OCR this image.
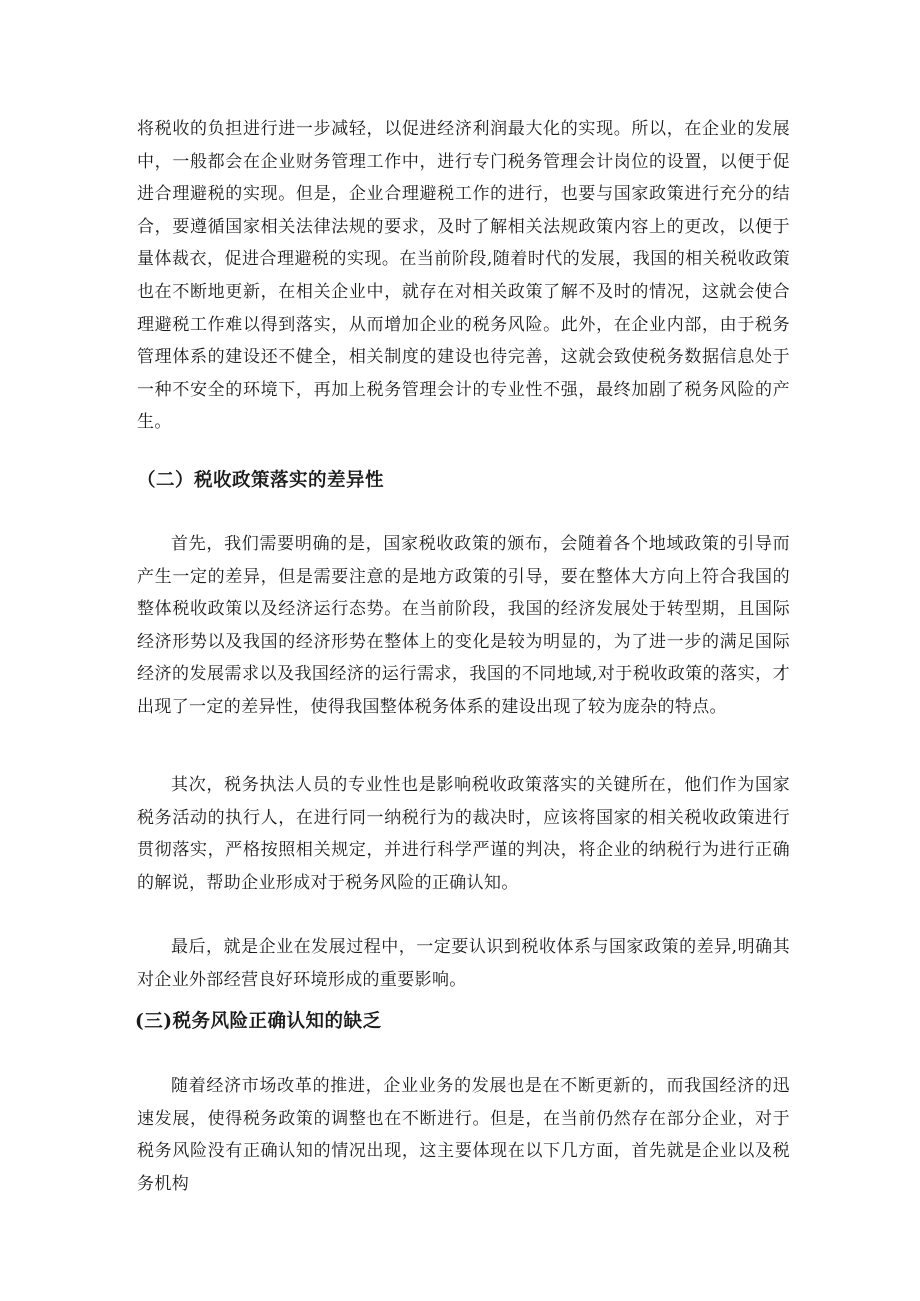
将税收的负担进行进一步减轻，以促进经济利润最大化的实现。所以，在企业的发展中，一般都会在企业财务管理工作中，进行专门税务管理会计岗位的设置，以便于促进合理避税的实现。但是，企业合理避税工作的进行，也要与国家政策进行充分的结合，要遵循国家相关法律法规的要求，及时了解相关法规政策内容上的更改，以便于量体裁衣，促进合理避税的实现。在当前阶段,随着时代的发展，我国的相关税收政策也在不断地更新，在相关企业中，就存在对相关政策了解不及时的情况，这就会使合理避税工作难以得到落实，从而增加企业的税务风险。此外，在企业内部，由于税务管理体系的建设还不健全，相关制度的建设也待完善，这就会致使税务数据信息处于一种不安全的环境下，再加上税务管理会计的专业性不强，最终加剧了税务风险的产生。

（二）税收政策落实的差异性

首先，我们需要明确的是，国家税收政策的颁布，会随着各个地域政策的引导而产生一定的差异，但是需要注意的是地方政策的引导，要在整体大方向上符合我国的整体税收政策以及经济运行态势。在当前阶段，我国的经济发展处于转型期，且国际经济形势以及我国的经济形势在整体上的变化是较为明显的，为了进一步的满足国际经济的发展需求以及我国经济的运行需求，我国的不同地域,对于税收政策的落实，才出现了一定的差异性，使得我国整体税务体系的建设出现了较为庞杂的特点。

其次，税务执法人员的专业性也是影响税收政策落实的关键所在，他们作为国家税务活动的执行人，在进行同一纳税行为的裁决时，应该将国家的相关税收政策进行贯彻落实，严格按照相关规定，并进行科学严谨的判决，将企业的纳税行为进行正确的解说，帮助企业形成对于税务风险的正确认知。

最后，就是企业在发展过程中，一定要认识到税收体系与国家政策的差异,明确其对企业外部经营良好环境形成的重要影响。

(三)税务风险正确认知的缺乏

随着经济市场改革的推进，企业业务的发展也是在不断更新的，而我国经济的迅速发展，使得税务政策的调整也在不断进行。但是，在当前仍然存在部分企业，对于税务风险没有正确认知的情况出现，这主要体现在以下几方面，首先就是企业以及税务机构
